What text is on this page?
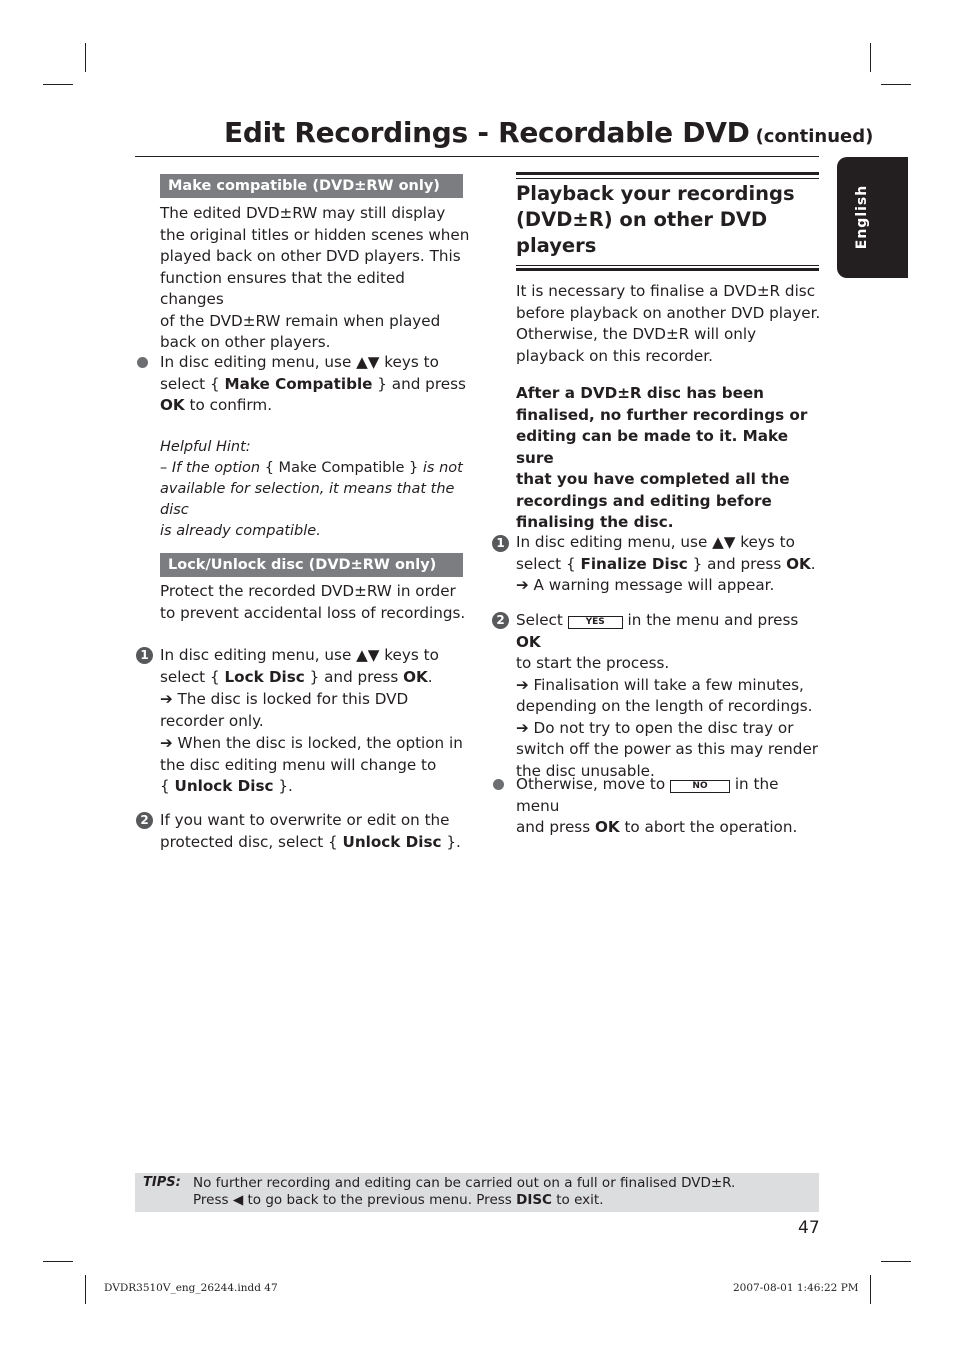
Edit Recordings - Recordable DVD (continued)
English
Make compatible (DVD±RW only)

The edited DVD±RW may still display

the original titles or hidden scenes when

played back on other DVD players. This

function ensures that the edited changes

of the DVD±RW remain when played

back on other players.

In disc editing menu, use ▲▼ keys to

select { Make Compatible } and press

OK to confirm.

Helpful Hint:

– If the option { Make Compatible } is not

available for selection, it means that the disc

is already compatible.

Lock/Unlock disc (DVD±RW only)

Protect the recorded DVD±RW in order

to prevent accidental loss of recordings.

1 In disc editing menu, use ▲▼ keys to

select { Lock Disc } and press OK.

➔ The disc is locked for this DVD

recorder only.

➔ When the disc is locked, the option in

the disc editing menu will change to

{ Unlock Disc }.

2 If you want to overwrite or edit on the

protected disc, select { Unlock Disc }.

Playback your recordings
(DVD±R) on other DVD
players

It is necessary to finalise a DVD±R disc

before playback on another DVD player.

Otherwise, the DVD±R will only

playback on this recorder.

After a DVD±R disc has been

finalised, no further recordings or

editing can be made to it. Make sure

that you have completed all the

recordings and editing before

finalising the disc.

1 In disc editing menu, use ▲▼ keys to

select { Finalize Disc } and press OK.

➔ A warning message will appear.

2 Select YES in the menu and press OK

to start the process.

➔ Finalisation will take a few minutes,

depending on the length of recordings.

➔ Do not try to open the disc tray or

switch off the power as this may render

the disc unusable.

Otherwise, move to NO in the menu

and press OK to abort the operation.

TIPS: No further recording and editing can be carried out on a full or finalised DVD±R.
Press ◀ to go back to the previous menu. Press DISC to exit.
47
DVDR3510V_eng_26244.indd 47	2007-08-01 1:46:22 PM
